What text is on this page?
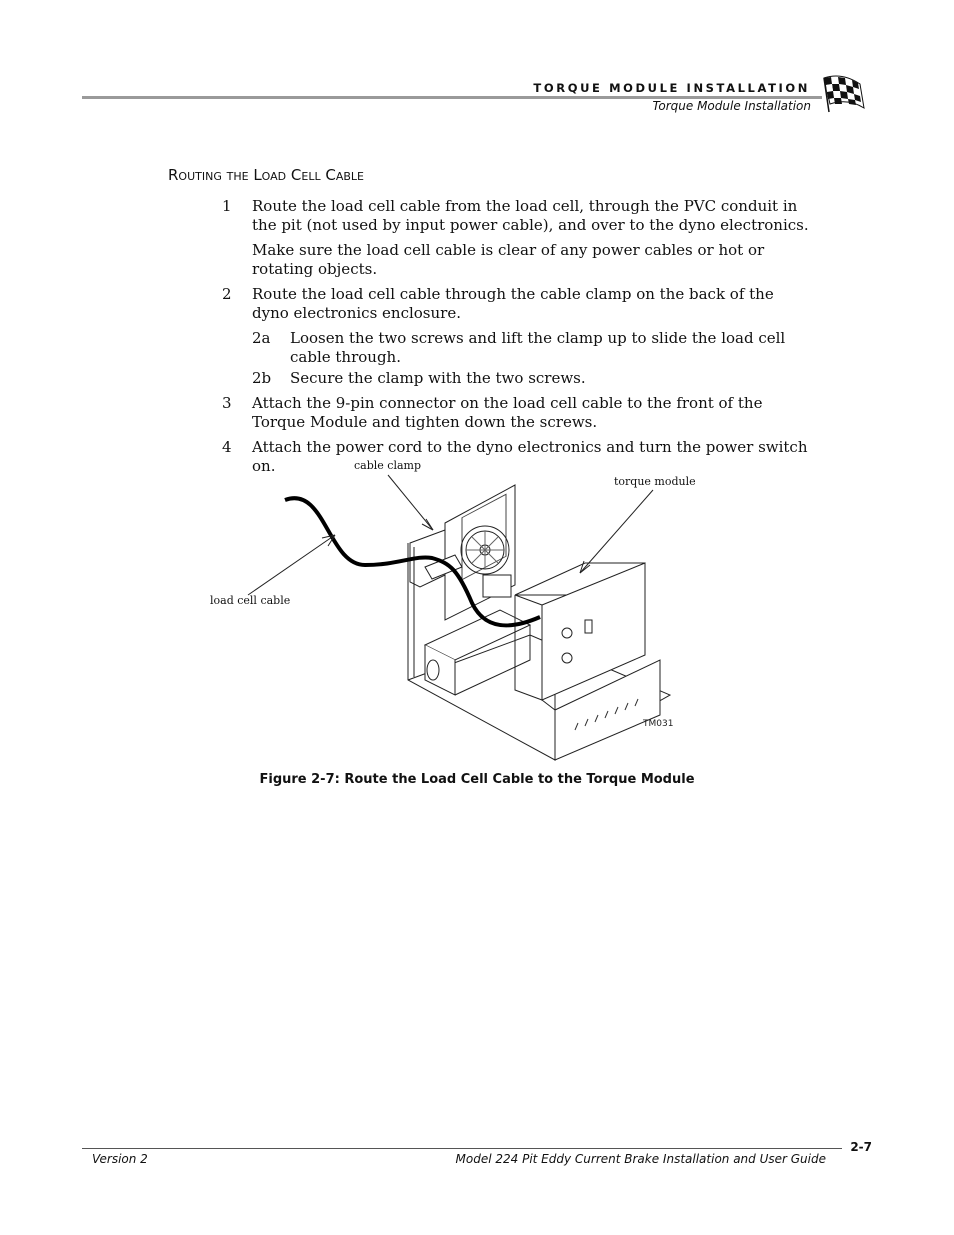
TORQUE MODULE INSTALLATION
Torque Module Installation
Routing the Load Cell Cable
1 Route the load cell cable from the load cell, through the PVC conduit in the pit (not used by input power cable), and over to the dyno electronics.

Make sure the load cell cable is clear of any power cables or hot or rotating objects.

2 Route the load cell cable through the cable clamp on the back of the dyno electronics enclosure.

2a Loosen the two screws and lift the clamp up to slide the load cell cable through.
2b Secure the clamp with the two screws.
3 Attach the 9-pin connector on the load cell cable to the front of the Torque Module and tighten down the screws.

4 Attach the power cord to the dyno electronics and turn the power switch on.	cable clamp
torque module
load cell cable
TM031
Figure 2-7: Route the Load Cell Cable to the Torque Module
Version 2	Model 224 Pit Eddy Current Brake Installation and User Guide
2-7
